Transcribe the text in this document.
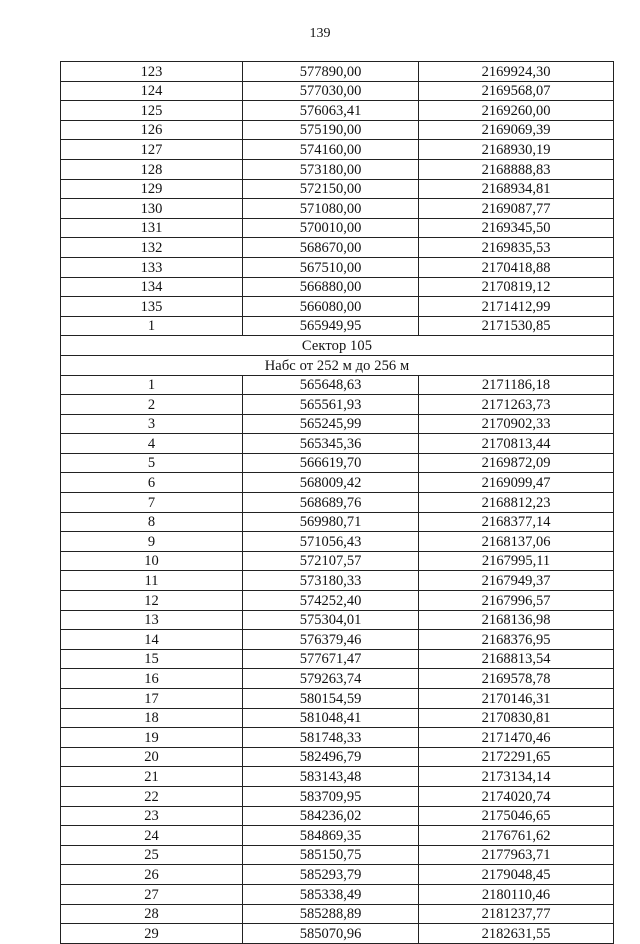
139
123	577890,00	2169924,30
124	577030,00	2169568,07
125	576063,41	2169260,00
126	575190,00	2169069,39
127	574160,00	2168930,19
128	573180,00	2168888,83
129	572150,00	2168934,81
130	571080,00	2169087,77
131	570010,00	2169345,50
132	568670,00	2169835,53
133	567510,00	2170418,88
134	566880,00	2170819,12
135	566080,00	2171412,99
1	565949,95	2171530,85
Сектор 105		
Набс от 252 м до 256 м		
1	565648,63	2171186,18
2	565561,93	2171263,73
3	565245,99	2170902,33
4	565345,36	2170813,44
5	566619,70	2169872,09
6	568009,42	2169099,47
7	568689,76	2168812,23
8	569980,71	2168377,14
9	571056,43	2168137,06
10	572107,57	2167995,11
11	573180,33	2167949,37
12	574252,40	2167996,57
13	575304,01	2168136,98
14	576379,46	2168376,95
15	577671,47	2168813,54
16	579263,74	2169578,78
17	580154,59	2170146,31
18	581048,41	2170830,81
19	581748,33	2171470,46
20	582496,79	2172291,65
21	583143,48	2173134,14
22	583709,95	2174020,74
23	584236,02	2175046,65
24	584869,35	2176761,62
25	585150,75	2177963,71
26	585293,79	2179048,45
27	585338,49	2180110,46
28	585288,89	2181237,77
29	585070,96	2182631,55
